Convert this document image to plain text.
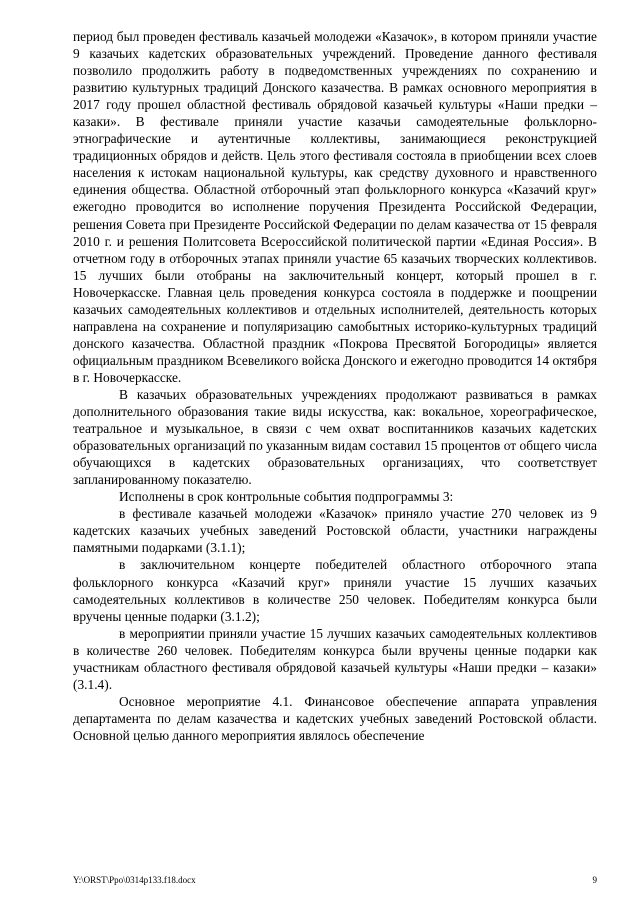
период был проведен фестиваль казачьей молодежи «Казачок», в котором приняли участие 9 казачьих кадетских образовательных учреждений. Проведение данного фестиваля позволило продолжить работу в подведомственных учреждениях по сохранению и развитию культурных традиций Донского казачества. В рамках основного мероприятия в 2017 году прошел областной фестиваль обрядовой казачьей культуры «Наши предки – казаки». В фестивале приняли участие казачьи самодеятельные фольклорно-этнографические и аутентичные коллективы, занимающиеся реконструкцией традиционных обрядов и действ. Цель этого фестиваля состояла в приобщении всех слоев населения к истокам национальной культуры, как средству духовного и нравственного единения общества. Областной отборочный этап фольклорного конкурса «Казачий круг» ежегодно проводится во исполнение поручения Президента Российской Федерации, решения Совета при Президенте Российской Федерации по делам казачества от 15 февраля 2010 г. и решения Политсовета Всероссийской политической партии «Единая Россия». В отчетном году в отборочных этапах приняли участие 65 казачьих творческих коллективов. 15 лучших были отобраны на заключительный концерт, который прошел в г. Новочеркасске. Главная цель проведения конкурса состояла в поддержке и поощрении казачьих самодеятельных коллективов и отдельных исполнителей, деятельность которых направлена на сохранение и популяризацию самобытных историко-культурных традиций донского казачества. Областной праздник «Покрова Пресвятой Богородицы» является официальным праздником Всевеликого войска Донского и ежегодно проводится 14 октября в г. Новочеркасске.

В казачьих образовательных учреждениях продолжают развиваться в рамках дополнительного образования такие виды искусства, как: вокальное, хореографическое, театральное и музыкальное, в связи с чем охват воспитанников казачьих кадетских образовательных организаций по указанным видам составил 15 процентов от общего числа обучающихся в кадетских образовательных организациях, что соответствует запланированному показателю.

Исполнены в срок контрольные события подпрограммы 3:

в фестивале казачьей молодежи «Казачок» приняло участие 270 человек из 9 кадетских казачьих учебных заведений Ростовской области, участники награждены памятными подарками (3.1.1);

в заключительном концерте победителей областного отборочного этапа фольклорного конкурса «Казачий круг» приняли участие 15 лучших казачьих самодеятельных коллективов в количестве 250 человек. Победителям конкурса были вручены ценные подарки (3.1.2);

в мероприятии приняли участие 15 лучших казачьих самодеятельных коллективов в количестве 260 человек. Победителям конкурса были вручены ценные подарки как участникам областного фестиваля обрядовой казачьей культуры «Наши предки – казаки» (3.1.4).

Основное мероприятие 4.1. Финансовое обеспечение аппарата управления департамента по делам казачества и кадетских учебных заведений Ростовской области. Основной целью данного мероприятия являлось обеспечение

Y:\ORST\Ppo\0314p133.f18.docx	9
